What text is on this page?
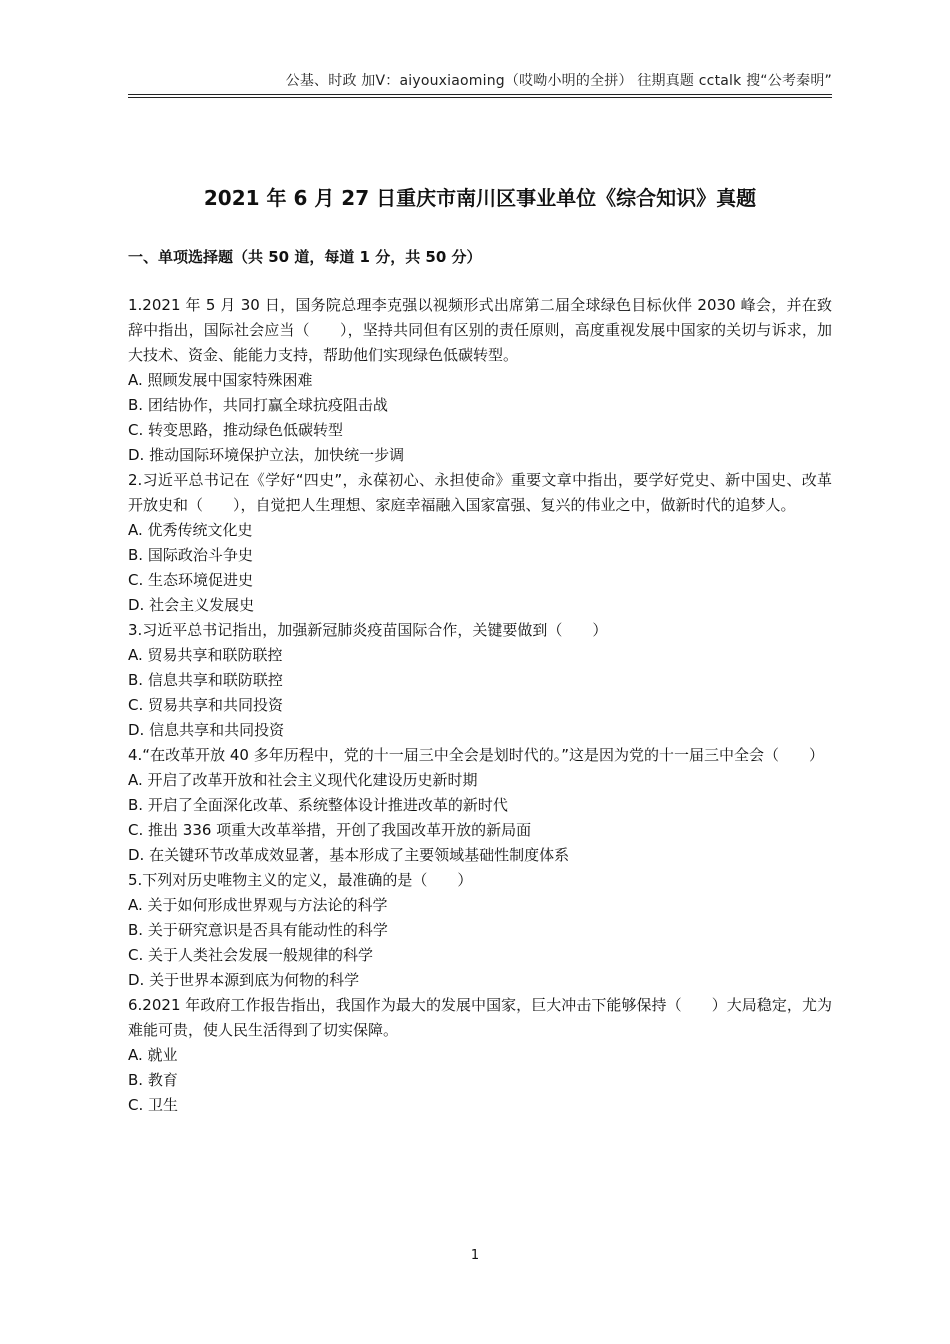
公基、时政 加V：aiyouxiaoming（哎呦小明的全拼） 往期真题 cctalk 搜“公考秦明”
2021 年 6 月 27 日重庆市南川区事业单位《综合知识》真题
一、单项选择题（共 50 道，每道 1 分，共 50 分）
1.2021 年 5 月 30 日，国务院总理李克强以视频形式出席第二届全球绿色目标伙伴 2030 峰会，并在致辞中指出，国际社会应当（　　），坚持共同但有区别的责任原则，高度重视发展中国家的关切与诉求，加大技术、资金、能能力支持，帮助他们实现绿色低碳转型。
A. 照顾发展中国家特殊困难
B. 团结协作，共同打赢全球抗疫阻击战
C. 转变思路，推动绿色低碳转型
D. 推动国际环境保护立法，加快统一步调
2.习近平总书记在《学好“四史”，永葆初心、永担使命》重要文章中指出，要学好党史、新中国史、改革开放史和（　　），自觉把人生理想、家庭幸福融入国家富强、复兴的伟业之中，做新时代的追梦人。
A. 优秀传统文化史
B. 国际政治斗争史
C. 生态环境促进史
D. 社会主义发展史
3.习近平总书记指出，加强新冠肺炎疫苗国际合作，关键要做到（　　）
A. 贸易共享和联防联控
B. 信息共享和联防联控
C. 贸易共享和共同投资
D. 信息共享和共同投资
4.“在改革开放 40 多年历程中，党的十一届三中全会是划时代的。”这是因为党的十一届三中全会（　　）
A. 开启了改革开放和社会主义现代化建设历史新时期
B. 开启了全面深化改革、系统整体设计推进改革的新时代
C. 推出 336 项重大改革举措，开创了我国改革开放的新局面
D. 在关键环节改革成效显著，基本形成了主要领域基础性制度体系
5.下列对历史唯物主义的定义，最准确的是（　　）
A. 关于如何形成世界观与方法论的科学
B. 关于研究意识是否具有能动性的科学
C. 关于人类社会发展一般规律的科学
D. 关于世界本源到底为何物的科学
6.2021 年政府工作报告指出，我国作为最大的发展中国家，巨大冲击下能够保持（　　）大局稳定，尤为难能可贵，使人民生活得到了切实保障。
A. 就业
B. 教育
C. 卫生
1
